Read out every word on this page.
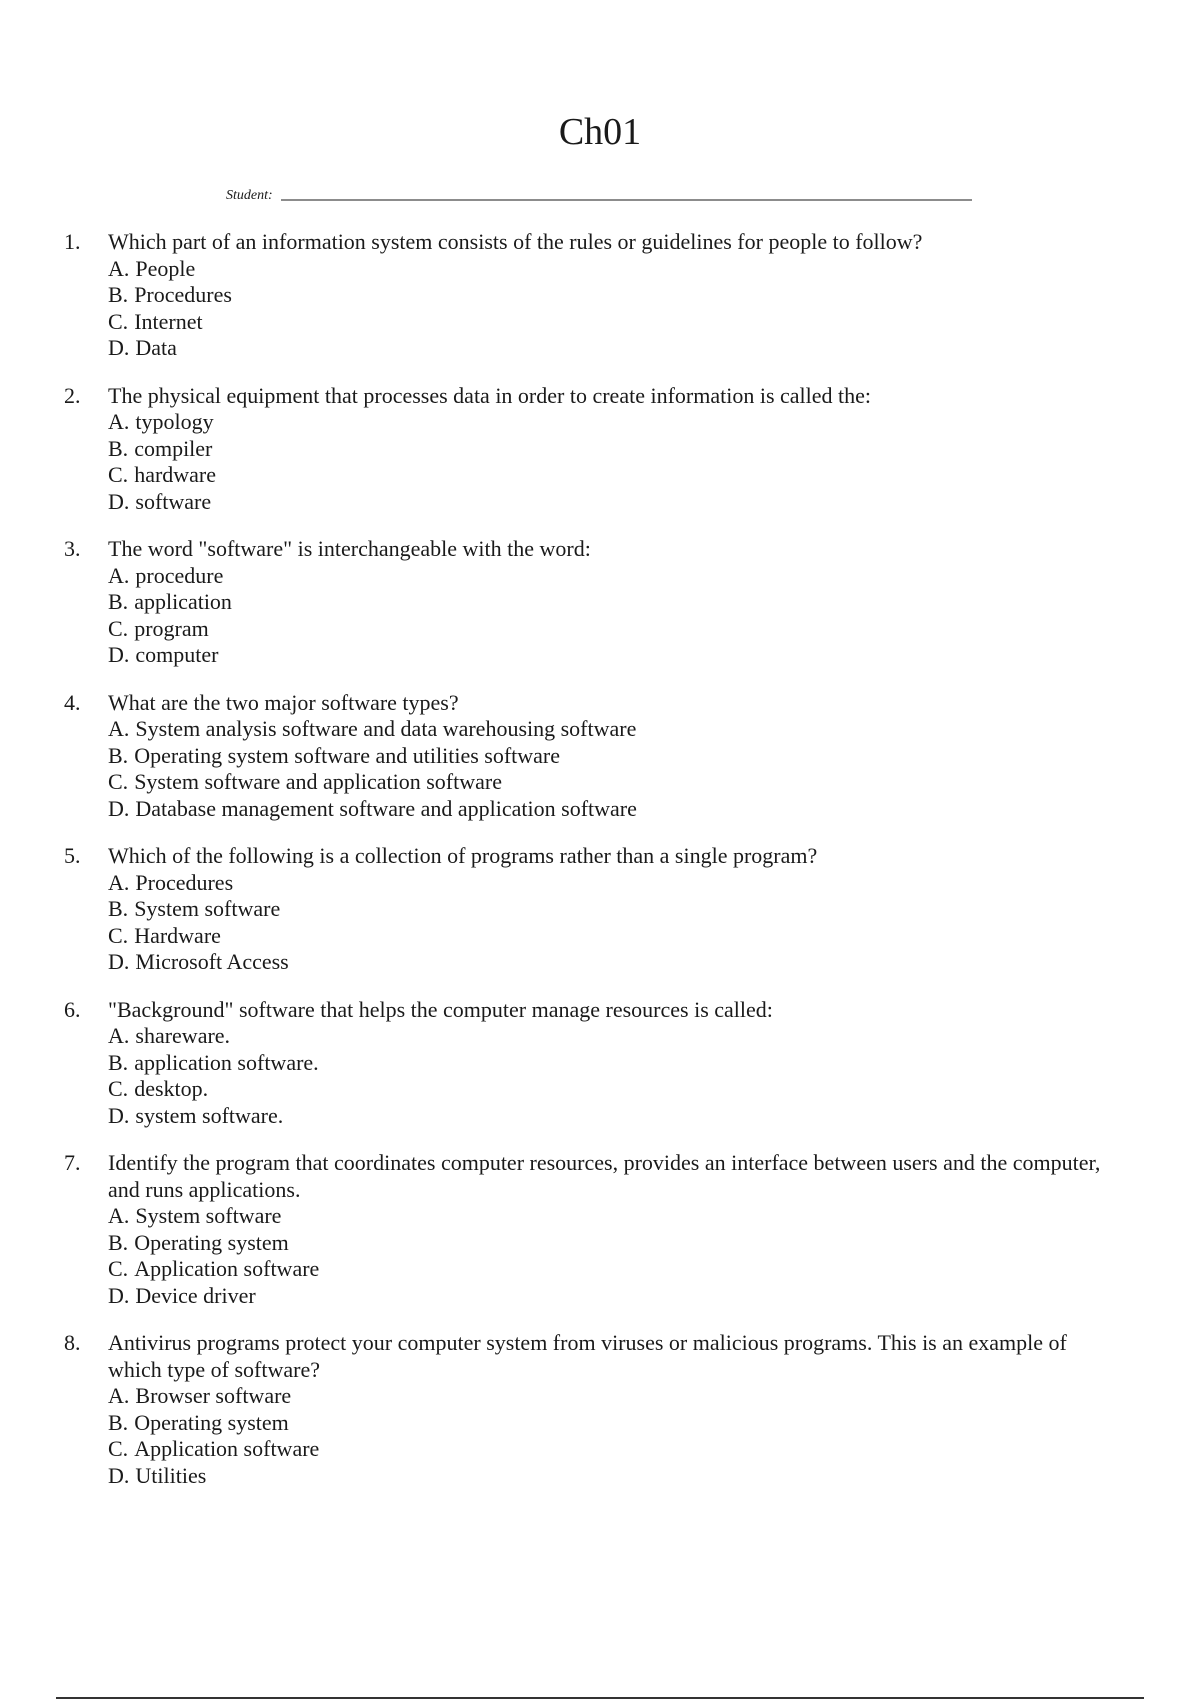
Ch01
Student:
1.	Which part of an information system consists of the rules or guidelines for people to follow?
A. People
B. Procedures
C. Internet
D. Data
2.	The physical equipment that processes data in order to create information is called the:
A. typology
B. compiler
C. hardware
D. software
3.	The word "software" is interchangeable with the word:
A. procedure
B. application
C. program
D. computer
4.	What are the two major software types?
A. System analysis software and data warehousing software
B. Operating system software and utilities software
C. System software and application software
D. Database management software and application software
5.	Which of the following is a collection of programs rather than a single program?
A. Procedures
B. System software
C. Hardware
D. Microsoft Access
6.	"Background" software that helps the computer manage resources is called:
A. shareware.
B. application software.
C. desktop.
D. system software.
7.	Identify the program that coordinates computer resources, provides an interface between users and the computer, and runs applications.
A. System software
B. Operating system
C. Application software
D. Device driver
8.	Antivirus programs protect your computer system from viruses or malicious programs. This is an example of which type of software?
A. Browser software
B. Operating system
C. Application software
D. Utilities
